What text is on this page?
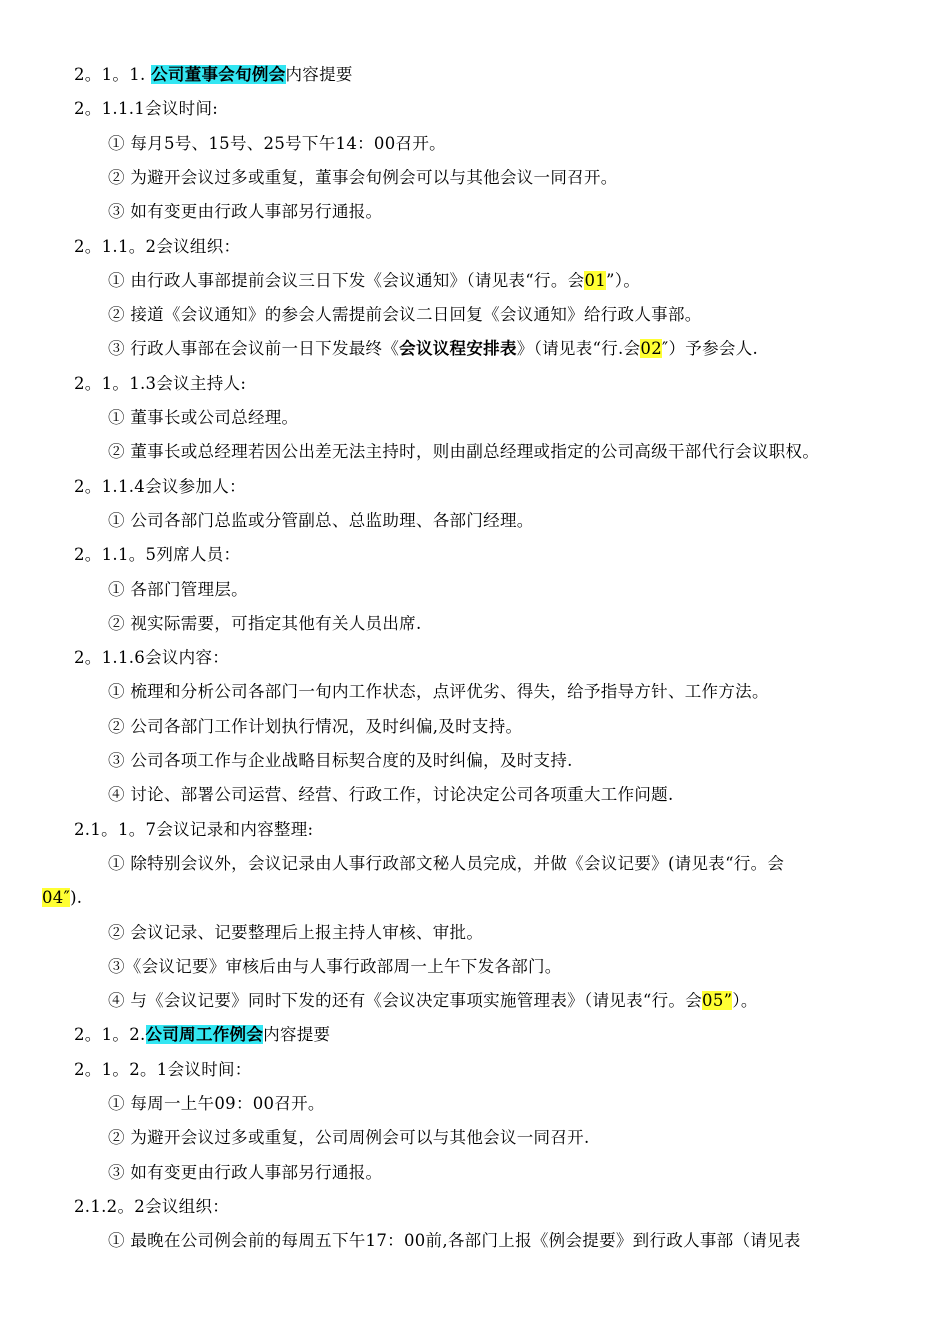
2。1。1. 公司董事会旬例会内容提要
2。1.1.1会议时间:
① 每月5号、15号、25号下午14：00召开。
② 为避开会议过多或重复，董事会旬例会可以与其他会议一同召开。
③ 如有变更由行政人事部另行通报。
2。1.1。2会议组织：
① 由行政人事部提前会议三日下发《会议通知》（请见表“行。会01”）。
② 接道《会议通知》的参会人需提前会议二日回复《会议通知》给行政人事部。
③ 行政人事部在会议前一日下发最终《会议议程安排表》（请见表“行.会02″）予参会人.
2。1。1.3会议主持人:
① 董事长或公司总经理。
② 董事长或总经理若因公出差无法主持时，则由副总经理或指定的公司高级干部代行会议职权。
2。1.1.4会议参加人：
① 公司各部门总监或分管副总、总监助理、各部门经理。
2。1.1。5列席人员：
① 各部门管理层。
② 视实际需要，可指定其他有关人员出席.
2。1.1.6会议内容：
① 梳理和分析公司各部门一旬内工作状态，点评优劣、得失，给予指导方针、工作方法。
② 公司各部门工作计划执行情况，及时纠偏,及时支持。
③ 公司各项工作与企业战略目标契合度的及时纠偏，及时支持.
④ 讨论、部署公司运营、经营、行政工作，讨论决定公司各项重大工作问题.
2.1。1。7会议记录和内容整理:
① 除特别会议外，会议记录由人事行政部文秘人员完成，并做《会议记要》(请见表“行。会
04″).
② 会议记录、记要整理后上报主持人审核、审批。
③《会议记要》审核后由与人事行政部周一上午下发各部门。
④ 与《会议记要》同时下发的还有《会议决定事项实施管理表》（请见表“行。会05”）。
2。1。2.公司周工作例会内容提要
2。1。2。1会议时间：
① 每周一上午09：00召开。
② 为避开会议过多或重复，公司周例会可以与其他会议一同召开.
③ 如有变更由行政人事部另行通报。
2.1.2。2会议组织：
① 最晚在公司例会前的每周五下午17：00前,各部门上报《例会提要》到行政人事部（请见表
